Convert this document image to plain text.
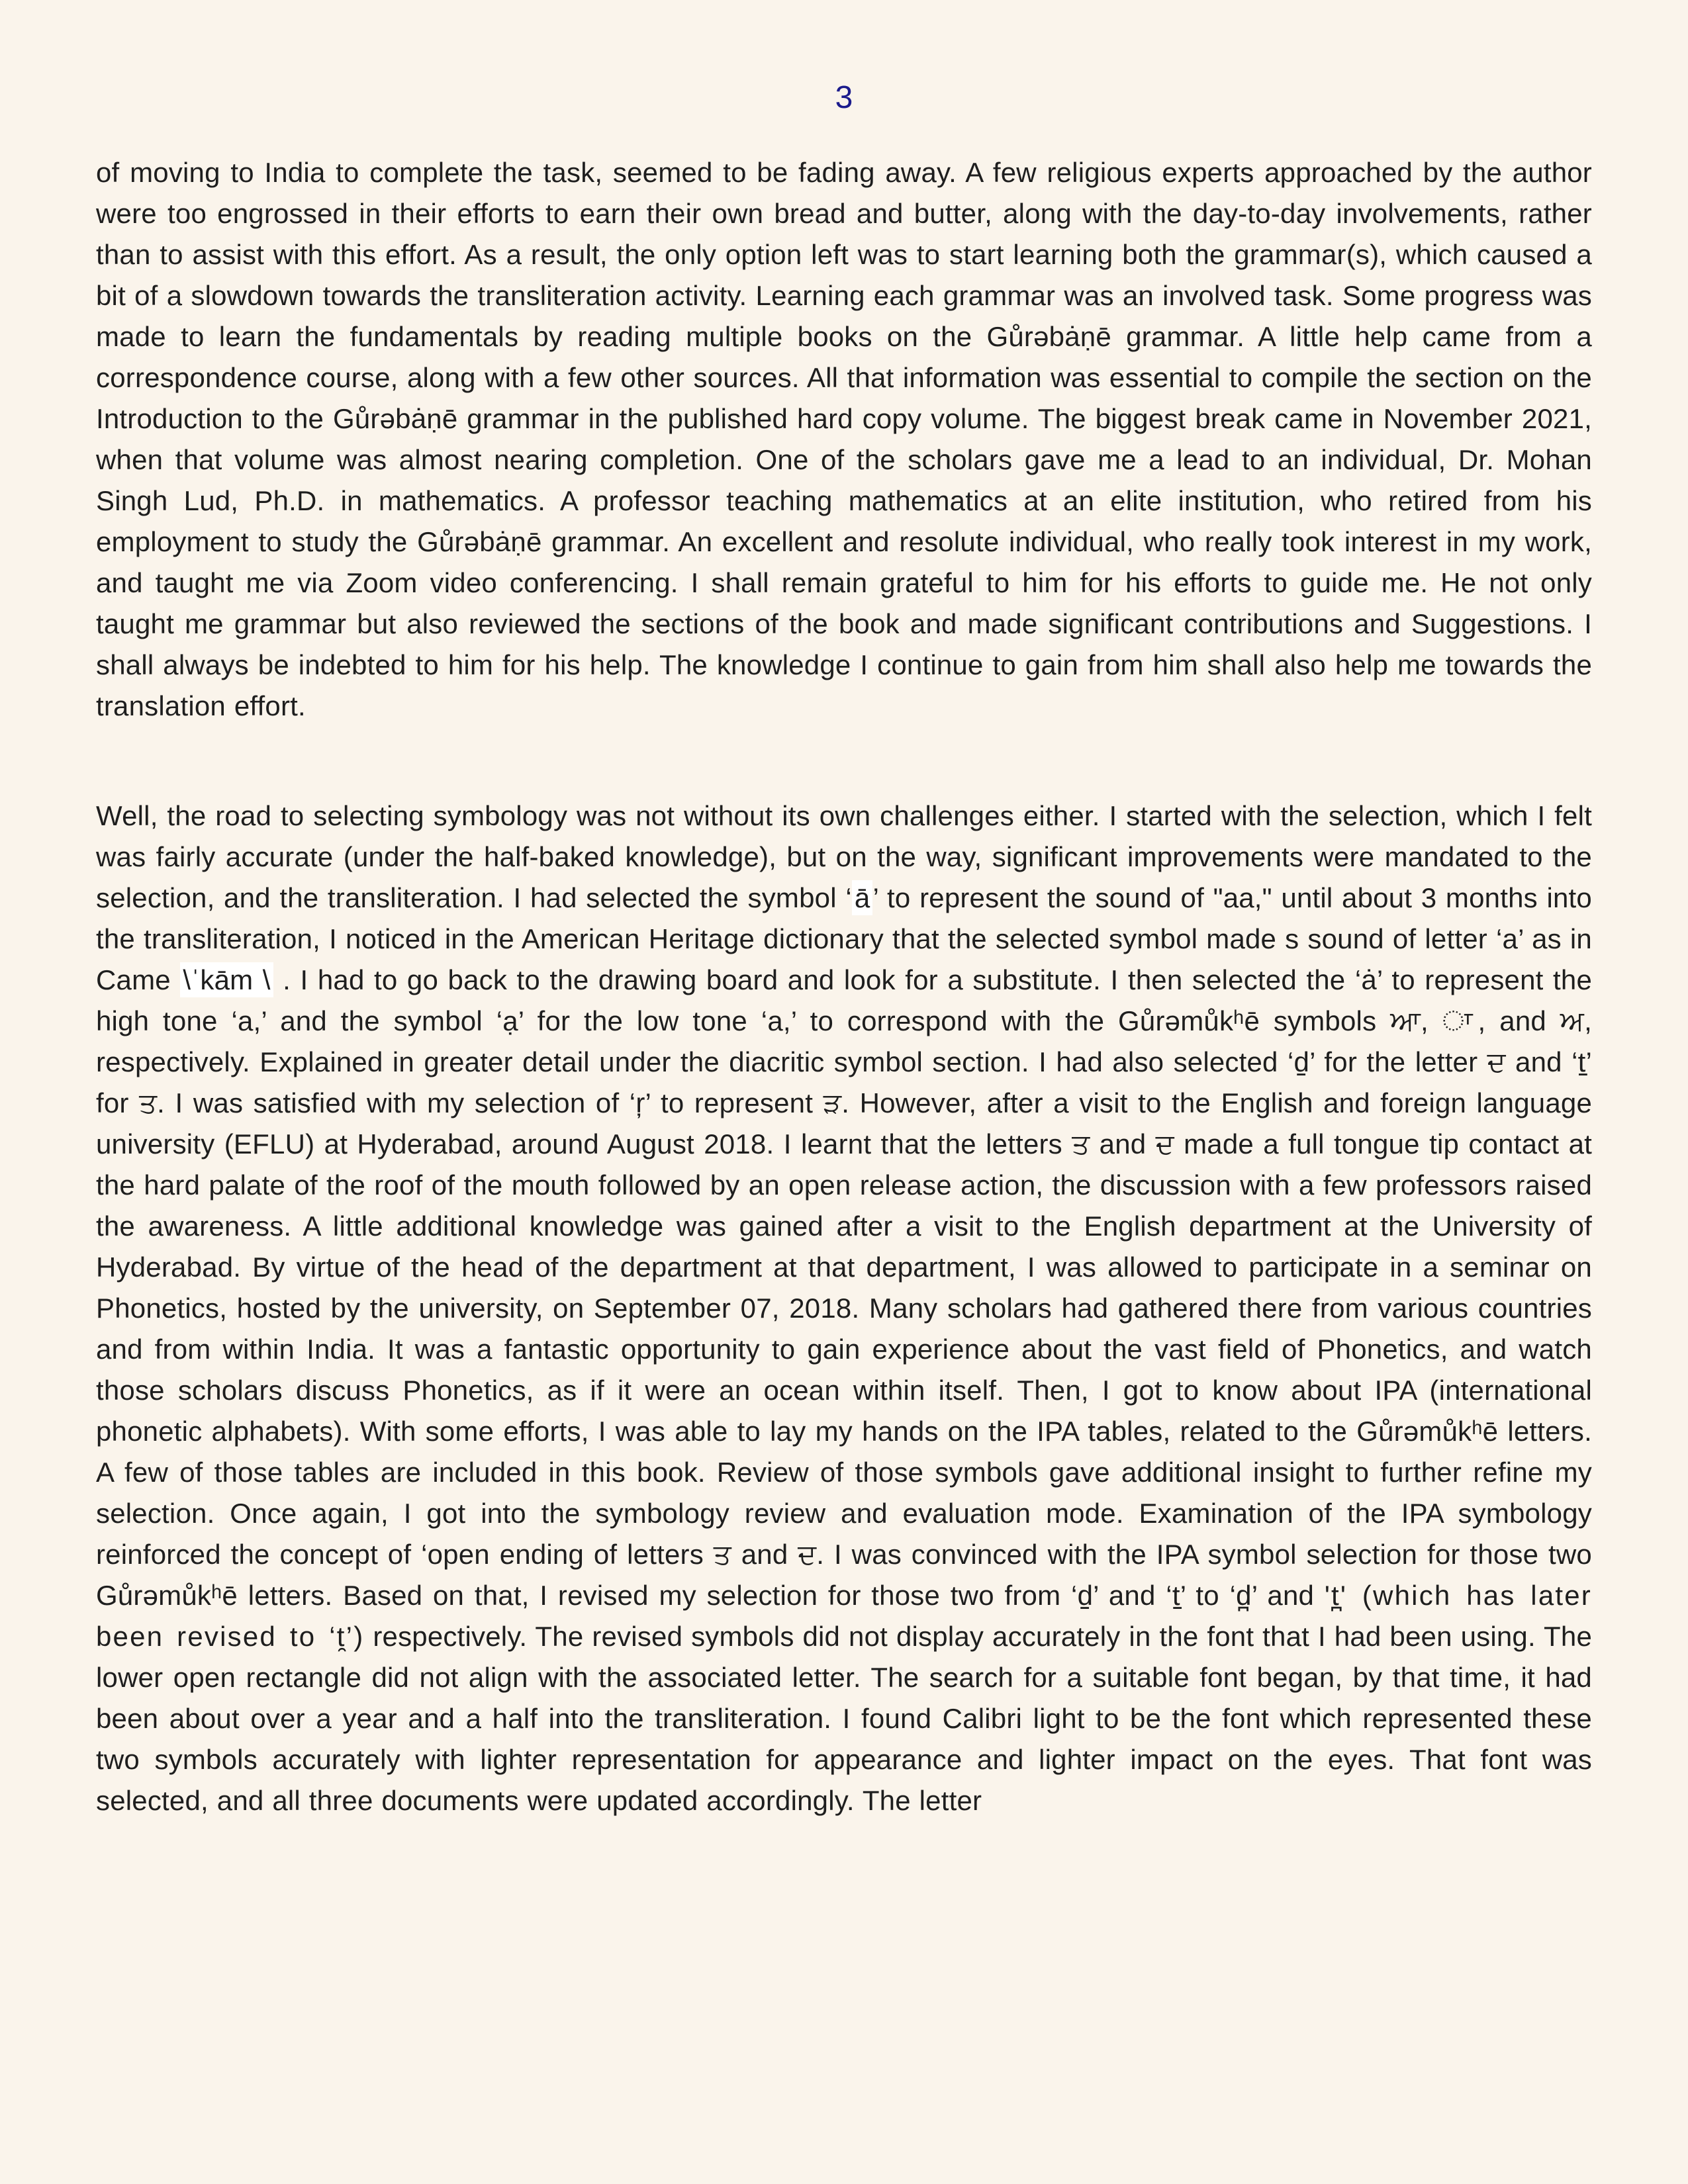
3

of moving to India to complete the task, seemed to be fading away. A few religious experts approached by the author were too engrossed in their efforts to earn their own bread and butter, along with the day-to-day involvements, rather than to assist with this effort. As a result, the only option left was to start learning both the grammar(s), which caused a bit of a slowdown towards the transliteration activity. Learning each grammar was an involved task. Some progress was made to learn the fundamentals by reading multiple books on the Gůrəbȧṇē grammar. A little help came from a correspondence course, along with a few other sources. All that information was essential to compile the section on the Introduction to the Gůrəbȧṇē grammar in the published hard copy volume. The biggest break came in November 2021, when that volume was almost nearing completion. One of the scholars gave me a lead to an individual, Dr. Mohan Singh Lud, Ph.D. in mathematics. A professor teaching mathematics at an elite institution, who retired from his employment to study the Gůrəbȧṇē grammar. An excellent and resolute individual, who really took interest in my work, and taught me via Zoom video conferencing. I shall remain grateful to him for his efforts to guide me. He not only taught me grammar but also reviewed the sections of the book and made significant contributions and Suggestions. I shall always be indebted to him for his help. The knowledge I continue to gain from him shall also help me towards the translation effort.

Well, the road to selecting symbology was not without its own challenges either. I started with the selection, which I felt was fairly accurate (under the half-baked knowledge), but on the way, significant improvements were mandated to the selection, and the transliteration. I had selected the symbol ‘ā’ to represent the sound of "aa," until about 3 months into the transliteration, I noticed in the American Heritage dictionary that the selected symbol made s sound of letter ‘a’ as in Came \ˈkām \ . I had to go back to the drawing board and look for a substitute. I then selected the ‘ȧ’ to represent the high tone ‘a,’ and the symbol ‘ạ’ for the low tone ‘a,’ to correspond with the Gůrəmůkʰē symbols ਆ, ◌ਾ, and ਅ, respectively. Explained in greater detail under the diacritic symbol section. I had also selected ‘d̠’ for the letter ਦ and ‘t̠’ for ਤ. I was satisfied with my selection of ‘ŗ’ to represent ੜ. However, after a visit to the English and foreign language university (EFLU) at Hyderabad, around August 2018. I learnt that the letters ਤ and ਦ made a full tongue tip contact at the hard palate of the roof of the mouth followed by an open release action, the discussion with a few professors raised the awareness. A little additional knowledge was gained after a visit to the English department at the University of Hyderabad. By virtue of the head of the department at that department, I was allowed to participate in a seminar on Phonetics, hosted by the university, on September 07, 2018. Many scholars had gathered there from various countries and from within India. It was a fantastic opportunity to gain experience about the vast field of Phonetics, and watch those scholars discuss Phonetics, as if it were an ocean within itself. Then, I got to know about IPA (international phonetic alphabets). With some efforts, I was able to lay my hands on the IPA tables, related to the Gůrəmůkʰē letters. A few of those tables are included in this book. Review of those symbols gave additional insight to further refine my selection. Once again, I got into the symbology review and evaluation mode. Examination of the IPA symbology reinforced the concept of ‘open ending of letters ਤ and ਦ. I was convinced with the IPA symbol selection for those two Gůrəmůkʰē letters. Based on that, I revised my selection for those two from ‘d̠’ and ‘t̠’ to ‘d̪’ and 't̪' (which has later been revised to ‘t̯’) respectively. The revised symbols did not display accurately in the font that I had been using. The lower open rectangle did not align with the associated letter. The search for a suitable font began, by that time, it had been about over a year and a half into the transliteration. I found Calibri light to be the font which represented these two symbols accurately with lighter representation for appearance and lighter impact on the eyes. That font was selected, and all three documents were updated accordingly. The letter
